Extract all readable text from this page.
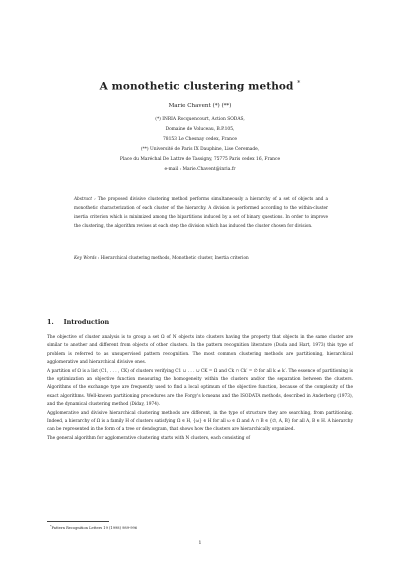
A monothetic clustering method *
Marie Chavent (*) (**)
(*) INRIA Rocquencourt, Action SODAS,
Domaine de Voluceau, B.P.105,
78153 Le Chesnay cedex, France
(**) Université de Paris IX Dauphine, Lise Ceremade,
Place du Maréchal De Lattre de Tassigny, 75775 Paris cedex 16, France
e-mail : Marie.Chavent@inria.fr
Abstract : The proposed divisive clustering method performs simultaneously a hierarchy of a set of objects and a monothetic characterization of each cluster of the hierarchy. A division is performed according to the within-cluster inertia criterion which is minimized among the bipartitions induced by a set of binary questions. In order to improve the clustering, the algorithm revises at each step the division which has induced the cluster chosen for division.
Key Words : Hierarchical clustering methods, Monothetic cluster, Inertia criterion
1. Introduction

The objective of cluster analysis is to group a set Ω of N objects into clusters having the property that objects in the same cluster are similar to another and different from objects of other clusters. In the pattern recognition literature (Duda and Hart, 1973) this type of problem is referred to as unsupervised pattern recognition. The most common clustering methods are partitioning, hierarchical agglomerative and hierarchical divisive ones.

A partition of Ω is a list (C1, . . . , CK) of clusters verifying C1 ∪ . . . ∪ CK = Ω and Ck ∩ Ck′ = ∅ for all k ≠ k′. The essence of partitioning is the optimization an objective function measuring the homogeneity within the clusters and/or the separation between the clusters. Algorithms of the exchange type are frequently used to find a local optimum of the objective function, because of the complexity of the exact algorithms. Well-known partitioning procedures are the Forgy's k-means and the ISODATA methods, described in Anderberg (1973), and the dynamical clustering method (Diday, 1974).

Agglomerative and divisive hierarchical clustering methods are different, in the type of structure they are searching, from partitioning. Indeed, a hierarchy of Ω is a family H of clusters satisfying Ω ∈ H, {ω} ∈ H for all ω ∈ Ω and A ∩ B ∈ {∅, A, B} for all A, B ∈ H. A hierarchy can be represented in the form of a tree or dendogram, that shows how the clusters are hierarchically organized.

The general algorithm for agglomerative clustering starts with N clusters, each consisting of

*Pattern Recognition Letters 19 (1998) 989-996
1
